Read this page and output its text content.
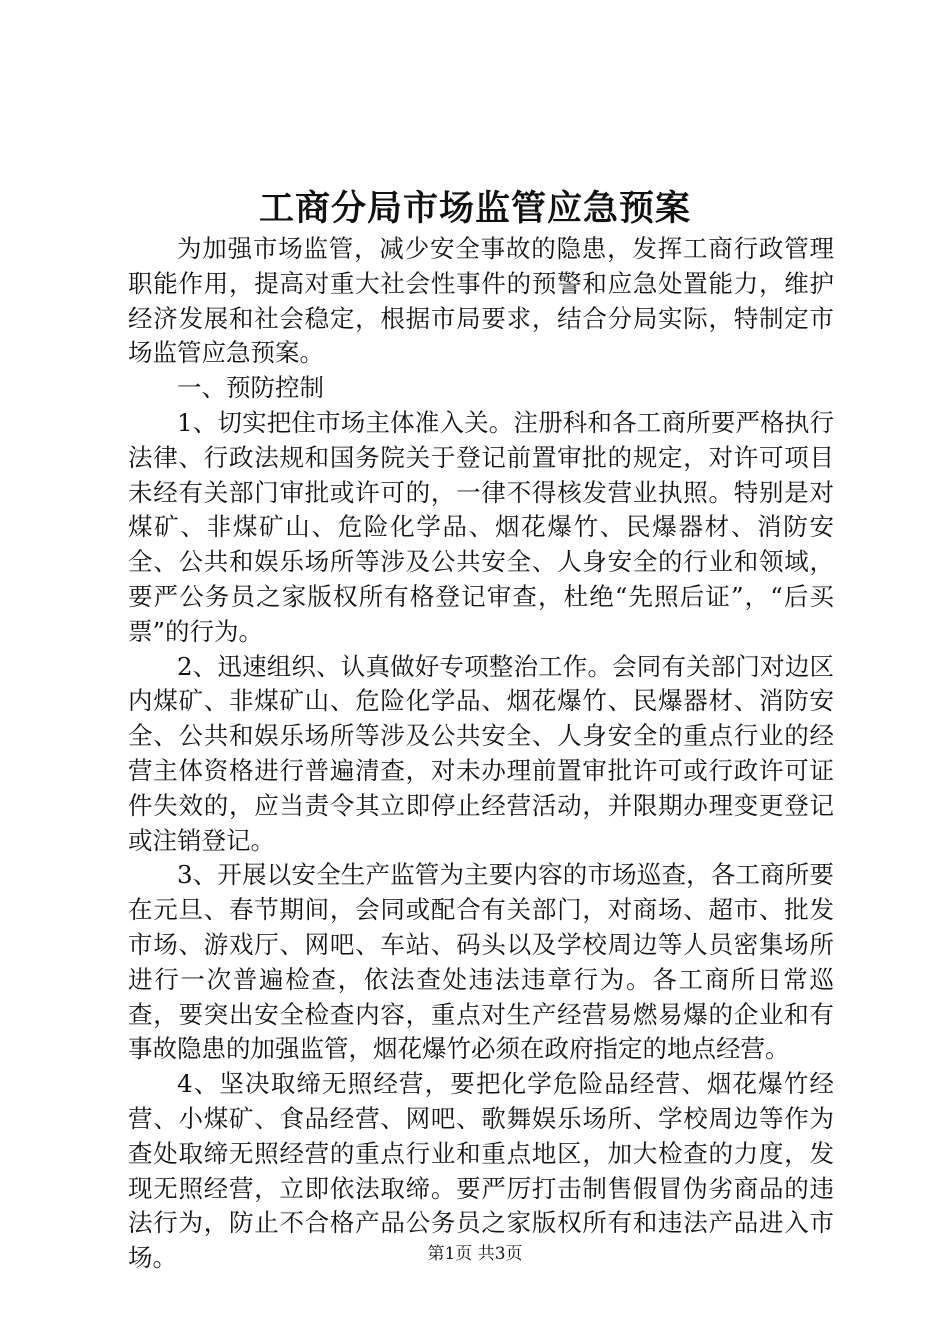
工商分局市场监管应急预案

为加强市场监管，减少安全事故的隐患，发挥工商行政管理职能作用，提高对重大社会性事件的预警和应急处置能力，维护经济发展和社会稳定，根据市局要求，结合分局实际，特制定市场监管应急预案。

一、预防控制

1、切实把住市场主体准入关。注册科和各工商所要严格执行法律、行政法规和国务院关于登记前置审批的规定，对许可项目未经有关部门审批或许可的，一律不得核发营业执照。特别是对煤矿、非煤矿山、危险化学品、烟花爆竹、民爆器材、消防安全、公共和娱乐场所等涉及公共安全、人身安全的行业和领域，要严公务员之家版权所有格登记审查，杜绝“先照后证”，“后买票”的行为。

2、迅速组织、认真做好专项整治工作。会同有关部门对边区内煤矿、非煤矿山、危险化学品、烟花爆竹、民爆器材、消防安全、公共和娱乐场所等涉及公共安全、人身安全的重点行业的经营主体资格进行普遍清查，对未办理前置审批许可或行政许可证件失效的，应当责令其立即停止经营活动，并限期办理变更登记或注销登记。

3、开展以安全生产监管为主要内容的市场巡查，各工商所要在元旦、春节期间，会同或配合有关部门，对商场、超市、批发市场、游戏厅、网吧、车站、码头以及学校周边等人员密集场所进行一次普遍检查，依法查处违法违章行为。各工商所日常巡查，要突出安全检查内容，重点对生产经营易燃易爆的企业和有事故隐患的加强监管，烟花爆竹必须在政府指定的地点经营。

4、坚决取缔无照经营，要把化学危险品经营、烟花爆竹经营、小煤矿、食品经营、网吧、歌舞娱乐场所、学校周边等作为查处取缔无照经营的重点行业和重点地区，加大检查的力度，发现无照经营，立即依法取缔。要严厉打击制售假冒伪劣商品的违法行为，防止不合格产品公务员之家版权所有和违法产品进入市场。	第1页 共3页
